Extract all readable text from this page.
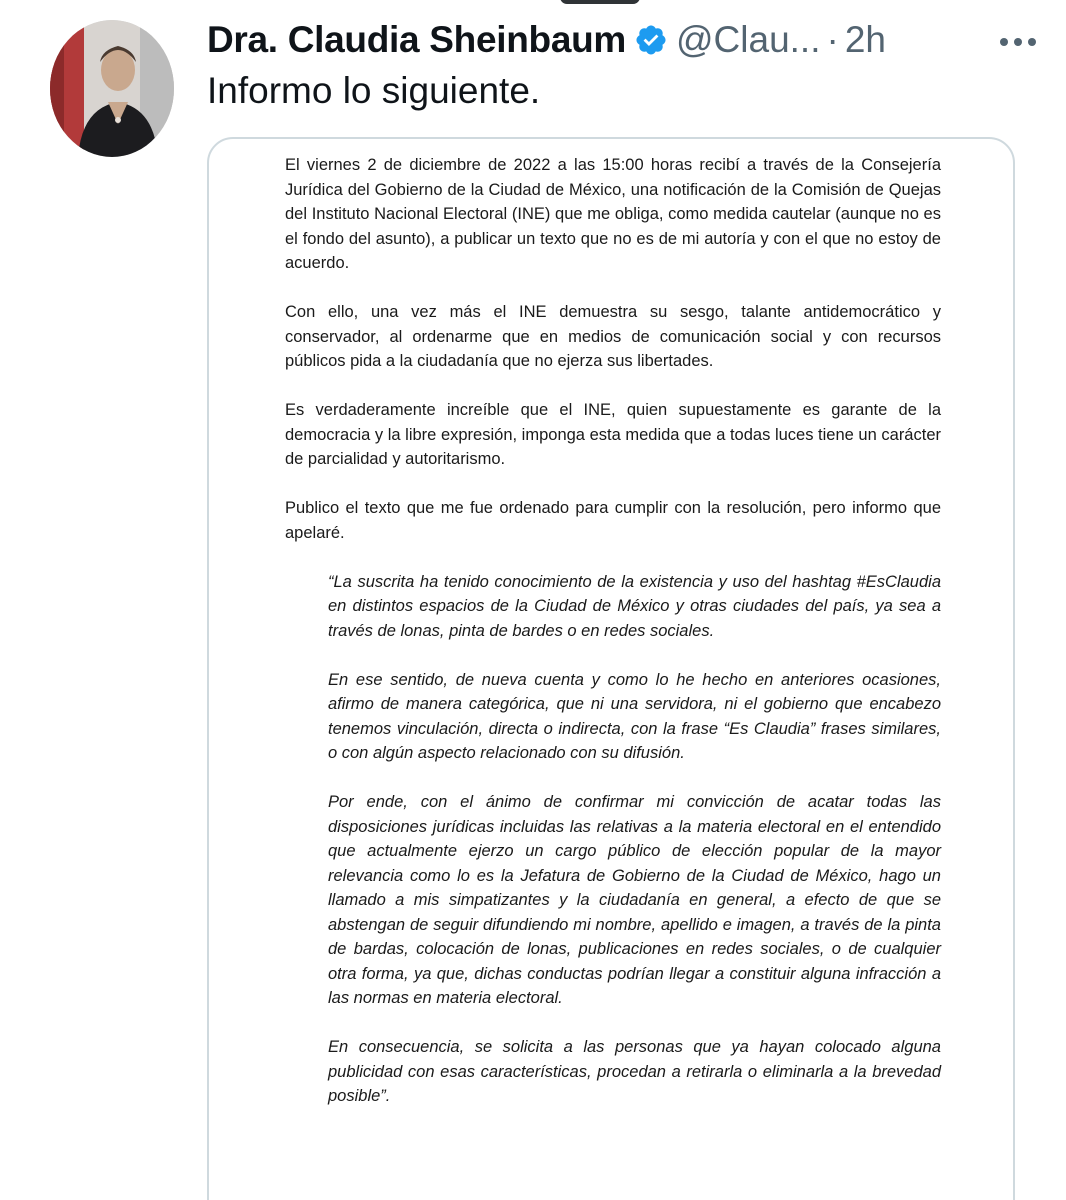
Dra. Claudia Sheinbaum @Clau... · 2h
Informo lo siguiente.

El viernes 2 de diciembre de 2022 a las 15:00 horas recibí a través de la Consejería Jurídica del Gobierno de la Ciudad de México, una notificación de la Comisión de Quejas del Instituto Nacional Electoral (INE) que me obliga, como medida cautelar (aunque no es el fondo del asunto), a publicar un texto que no es de mi autoría y con el que no estoy de acuerdo.

Con ello, una vez más el INE demuestra su sesgo, talante antidemocrático y conservador, al ordenarme que en medios de comunicación social y con recursos públicos pida a la ciudadanía que no ejerza sus libertades.

Es verdaderamente increíble que el INE, quien supuestamente es garante de la democracia y la libre expresión, imponga esta medida que a todas luces tiene un carácter de parcialidad y autoritarismo.

Publico el texto que me fue ordenado para cumplir con la resolución, pero informo que apelaré.

“La suscrita ha tenido conocimiento de la existencia y uso del hashtag #EsClaudia en distintos espacios de la Ciudad de México y otras ciudades del país, ya sea a través de lonas, pinta de bardes o en redes sociales.

En ese sentido, de nueva cuenta y como lo he hecho en anteriores ocasiones, afirmo de manera categórica, que ni una servidora, ni el gobierno que encabezo tenemos vinculación, directa o indirecta, con la frase “Es Claudia” frases similares, o con algún aspecto relacionado con su difusión.

Por ende, con el ánimo de confirmar mi convicción de acatar todas las disposiciones jurídicas incluidas las relativas a la materia electoral en el entendido que actualmente ejerzo un cargo público de elección popular de la mayor relevancia como lo es la Jefatura de Gobierno de la Ciudad de México, hago un llamado a mis simpatizantes y la ciudadanía en general, a efecto de que se abstengan de seguir difundiendo mi nombre, apellido e imagen, a través de la pinta de bardas, colocación de lonas, publicaciones en redes sociales, o de cualquier otra forma, ya que, dichas conductas podrían llegar a constituir alguna infracción a las normas en materia electoral.

En consecuencia, se solicita a las personas que ya hayan colocado alguna publicidad con esas características, procedan a retirarla o eliminarla a la brevedad posible”.
